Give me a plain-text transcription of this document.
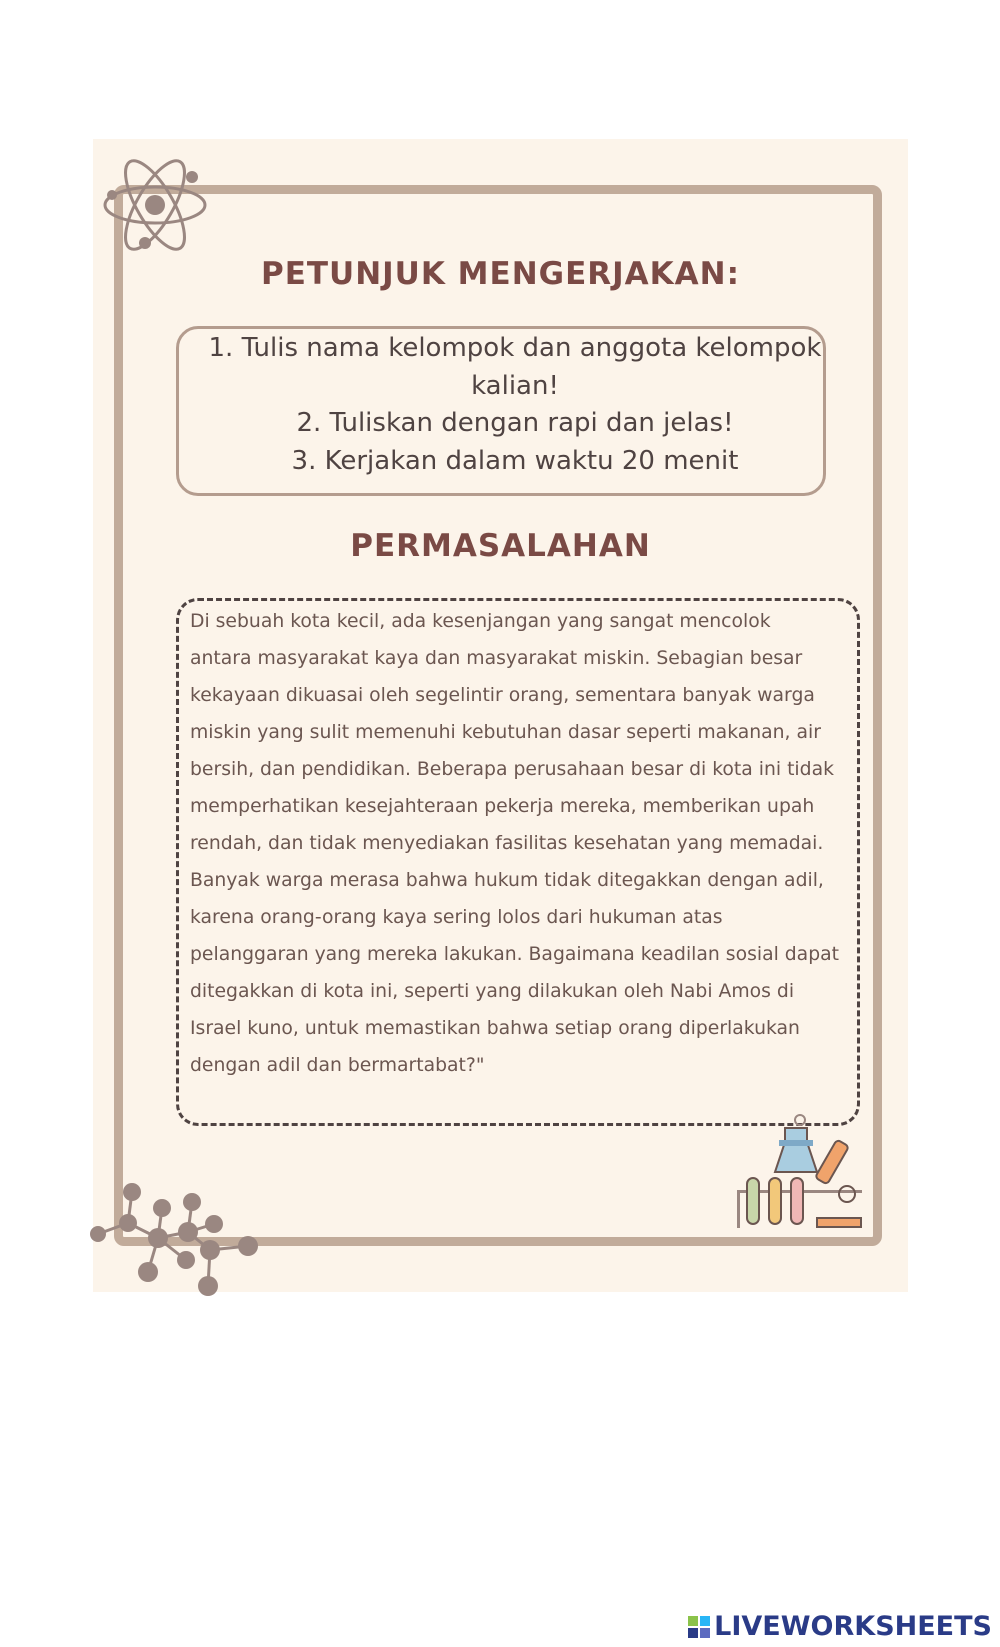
PETUNJUK MENGERJAKAN:
1. Tulis nama kelompok dan anggota kelompok
kalian!
2. Tuliskan dengan rapi dan jelas!
3. Kerjakan dalam waktu 20 menit
PERMASALAHAN
Di sebuah kota kecil, ada kesenjangan yang sangat mencolok
antara masyarakat kaya dan masyarakat miskin. Sebagian besar
kekayaan dikuasai oleh segelintir orang, sementara banyak warga
miskin yang sulit memenuhi kebutuhan dasar seperti makanan, air
bersih, dan pendidikan. Beberapa perusahaan besar di kota ini tidak
memperhatikan kesejahteraan pekerja mereka, memberikan upah
rendah, dan tidak menyediakan fasilitas kesehatan yang memadai.
Banyak warga merasa bahwa hukum tidak ditegakkan dengan adil,
karena orang-orang kaya sering lolos dari hukuman atas
pelanggaran yang mereka lakukan. Bagaimana keadilan sosial dapat
ditegakkan di kota ini, seperti yang dilakukan oleh Nabi Amos di
Israel kuno, untuk memastikan bahwa setiap orang diperlakukan
dengan adil dan bermartabat?"
LIVEWORKSHEETS
